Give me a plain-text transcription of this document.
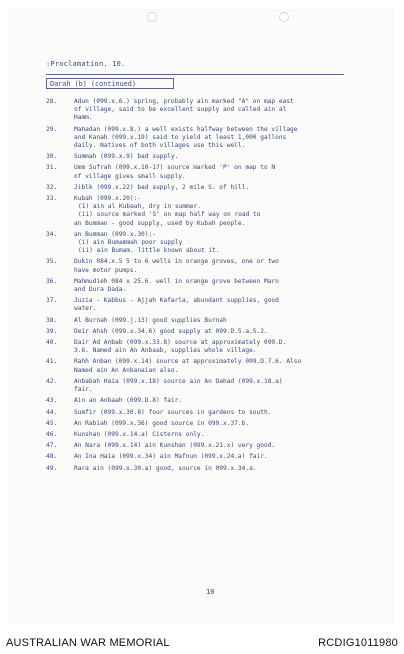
:Proclamation. 10.
Darah (b) (continued)
28.	Adun (099.x.6.) spring, probably ain marked "A" on map east
of village, said to be excellent supply and called ain al
Hamm.
29.	Mahadan (099.x.8.) a well exists halfway between the village
and Kanah (099.x.19) said to yield at least 1,000 gallons
daily. Natives of both villages use this well.
30.	Summah (099.x.9) bad supply.
31.	Umm Sufrah (099.x.10-17) source marked 'P' on map to N
of village gives small supply.
32.	Jiblk (099.x.22) bad supply, 2 mile S. of hill.
33.	Kubah (099.x.20):-
(1) ain al Kubaah, dry in summer.
(ii) source marked 'S' on map half way on road to
an Bumman - good supply, used by Kubah people.
34.	an Bumman (099.x.30):-
(i) ain Bumammah poor supply
(ii) ain Bumam. little known about it.
35.	Dukin 084.x.5 5 to 6 wells in orange groves, one or two
have motor pumps.
36.	Mahmudieh 084 x 25.6. well in orange grove between Maro
and Dura Dada.
37.	Juzia - Kabbus - Ajjah Kafarla, abundant supplies, good
water.
38.	Al Burnah (099.j.13) good supplies Burnah
39.	Deir Ahsh (099.x.34.6) good supply at 099.D.5.a.5.2.
40.	Dair Ad Anbab (099.x.33.8) source at approximately 099.D.
3.6. Named ain An Anbaab, supplies whole village.
41.	Rahh Anban (099.x.14) source at approximately 099.D.7.6. Also
Named ain An Anbanaian also.
42.	Anbabah Haia (099.x.18) source ain An Dahad (099.x.18.a)
fair.
43.	Ain an Anbaah (099.D.8) fair.
44.	Sumfir (099.x.30.8) four sources in gardens to south.
45.	An Rabiah (099.x.36) good source in 099.x.37.b.
46.	Kunshan (099.x.14.a) Cisterns only.
47.	An Nara (099.x.14) ain Kunshan (099.x.21.x) very good.
48.	An Ina Haia (099.x.34) ain Mafnun (099.x.24.a) fair.
49.	Rara ain (099.x.30.a) good, source in 099.x.34.a.
10
AUSTRALIAN WAR MEMORIAL	RCDIG1011980
